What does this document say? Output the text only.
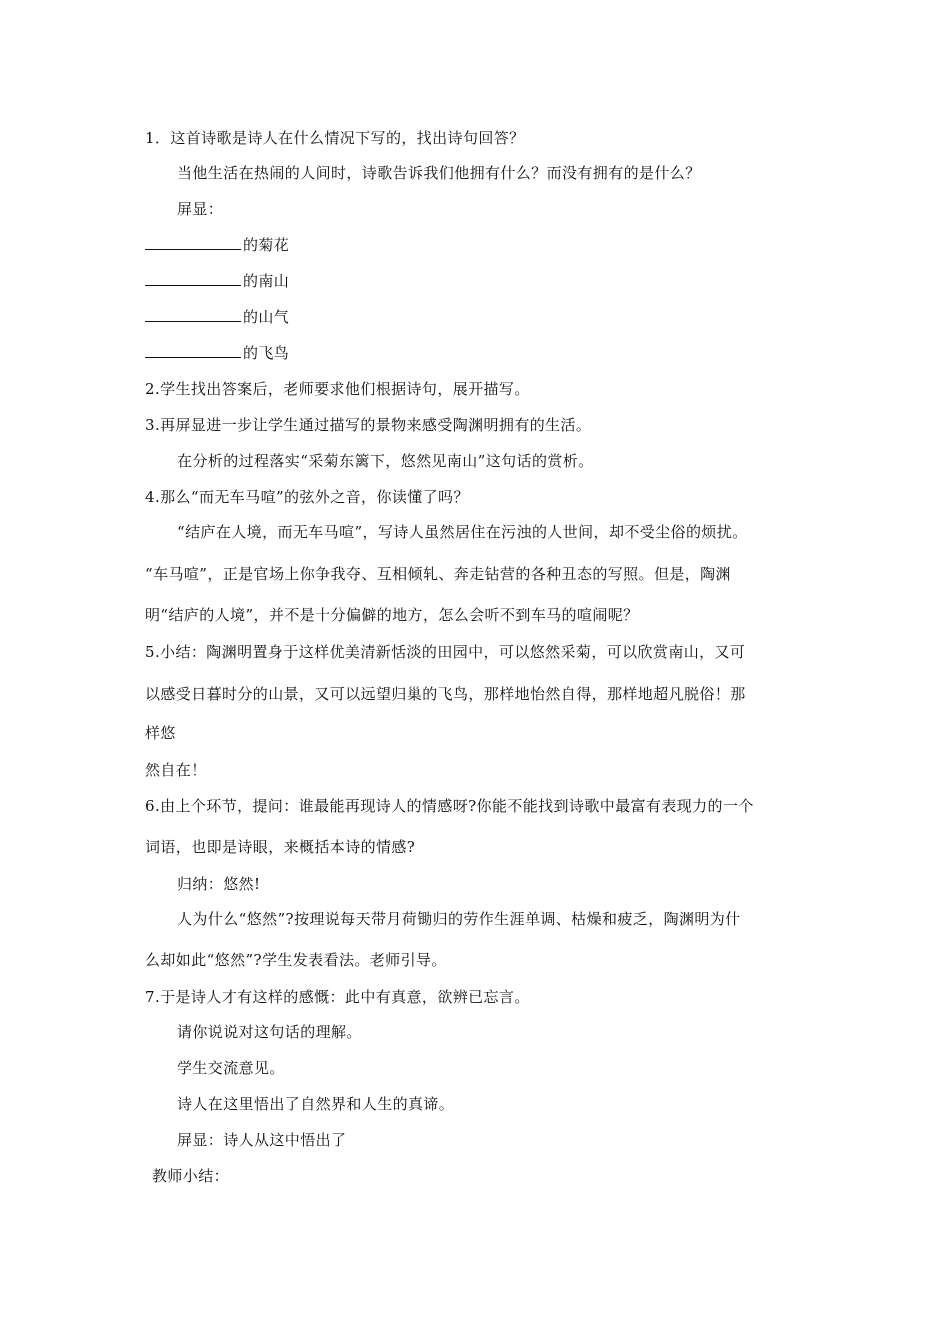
1．这首诗歌是诗人在什么情况下写的，找出诗句回答？
当他生活在热闹的人间时，诗歌告诉我们他拥有什么？而没有拥有的是什么？
屏显：
的菊花
的南山
的山气
的飞鸟
2.学生找出答案后，老师要求他们根据诗句，展开描写。
3.再屏显进一步让学生通过描写的景物来感受陶渊明拥有的生活。
在分析的过程落实“采菊东篱下，悠然见南山”这句话的赏析。
4.那么“而无车马喧”的弦外之音，你读懂了吗？
“结庐在人境，而无车马喧”，写诗人虽然居住在污浊的人世间，却不受尘俗的烦扰。
“车马喧”，正是官场上你争我夺、互相倾轧、奔走钻营的各种丑态的写照。但是，陶渊
明“结庐的人境”，并不是十分偏僻的地方，怎么会听不到车马的喧闹呢？
5.小结：陶渊明置身于这样优美清新恬淡的田园中，可以悠然采菊，可以欣赏南山，又可
以感受日暮时分的山景，又可以远望归巢的飞鸟，那样地怡然自得，那样地超凡脱俗！那
样悠
然自在！
6.由上个环节，提问：谁最能再现诗人的情感呀?你能不能找到诗歌中最富有表现力的一个
词语，也即是诗眼，来概括本诗的情感?
归纳：悠然!
人为什么“悠然”?按理说每天带月荷锄归的劳作生涯单调、枯燥和疲乏，陶渊明为什
么却如此“悠然”?学生发表看法。老师引导。
7.于是诗人才有这样的感慨：此中有真意，欲辨已忘言。
请你说说对这句话的理解。
学生交流意见。
诗人在这里悟出了自然界和人生的真谛。
屏显：诗人从这中悟出了
教师小结：
